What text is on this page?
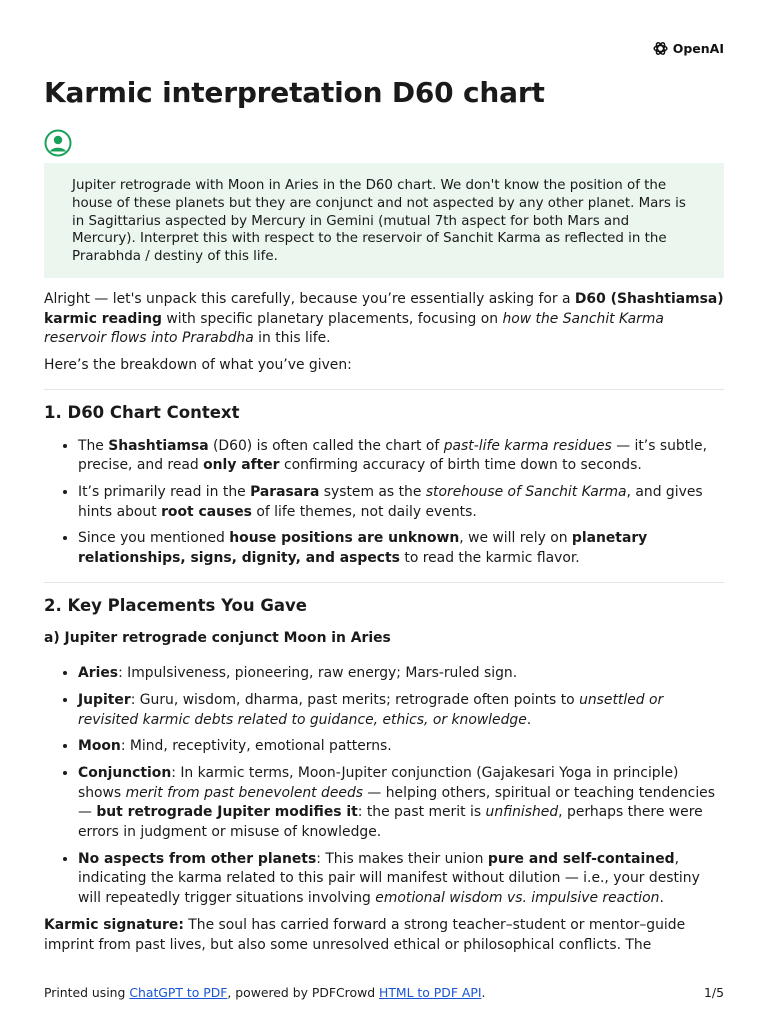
OpenAI
Karmic interpretation D60 chart
Jupiter retrograde with Moon in Aries in the D60 chart. We don't know the position of the house of these planets but they are conjunct and not aspected by any other planet. Mars is in Sagittarius aspected by Mercury in Gemini (mutual 7th aspect for both Mars and Mercury). Interpret this with respect to the reservoir of Sanchit Karma as reflected in the Prarabhda / destiny of this life.

Alright — let's unpack this carefully, because you’re essentially asking for a D60 (Shashtiamsa) karmic reading with specific planetary placements, focusing on how the Sanchit Karma reservoir flows into Prarabdha in this life.

Here’s the breakdown of what you’ve given:

1. D60 Chart Context
• The Shashtiamsa (D60) is often called the chart of past-life karma residues — it’s subtle, precise, and read only after confirming accuracy of birth time down to seconds.
• It’s primarily read in the Parasara system as the storehouse of Sanchit Karma, and gives hints about root causes of life themes, not daily events.
• Since you mentioned house positions are unknown, we will rely on planetary relationships, signs, dignity, and aspects to read the karmic flavor.
2. Key Placements You Gave
a) Jupiter retrograde conjunct Moon in Aries
• Aries: Impulsiveness, pioneering, raw energy; Mars-ruled sign.
• Jupiter: Guru, wisdom, dharma, past merits; retrograde often points to unsettled or revisited karmic debts related to guidance, ethics, or knowledge.
• Moon: Mind, receptivity, emotional patterns.
• Conjunction: In karmic terms, Moon-Jupiter conjunction (Gajakesari Yoga in principle) shows merit from past benevolent deeds — helping others, spiritual or teaching tendencies — but retrograde Jupiter modifies it: the past merit is unfinished, perhaps there were errors in judgment or misuse of knowledge.
• No aspects from other planets: This makes their union pure and self-contained, indicating the karma related to this pair will manifest without dilution — i.e., your destiny will repeatedly trigger situations involving emotional wisdom vs. impulsive reaction.

Karmic signature: The soul has carried forward a strong teacher–student or mentor–guide imprint from past lives, but also some unresolved ethical or philosophical conflicts. The

Printed using ChatGPT to PDF, powered by PDFCrowd HTML to PDF API.	1/5
